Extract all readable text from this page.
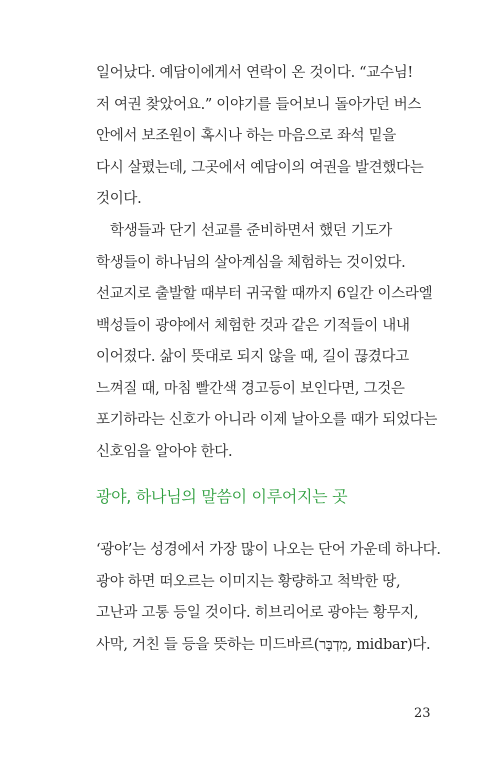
일어났다. 예담이에게서 연락이 온 것이다. “교수님!
저 여권 찾았어요.” 이야기를 들어보니 돌아가던 버스
안에서 보조원이 혹시나 하는 마음으로 좌석 밑을
다시 살폈는데, 그곳에서 예담이의 여권을 발견했다는
것이다.
학생들과 단기 선교를 준비하면서 했던 기도가
학생들이 하나님의 살아계심을 체험하는 것이었다.
선교지로 출발할 때부터 귀국할 때까지 6일간 이스라엘
백성들이 광야에서 체험한 것과 같은 기적들이 내내
이어졌다. 삶이 뜻대로 되지 않을 때, 길이 끊겼다고
느껴질 때, 마침 빨간색 경고등이 보인다면, 그것은
포기하라는 신호가 아니라 이제 날아오를 때가 되었다는
신호임을 알아야 한다.
광야, 하나님의 말씀이 이루어지는 곳
‘광야’는 성경에서 가장 많이 나오는 단어 가운데 하나다.
광야 하면 떠오르는 이미지는 황량하고 척박한 땅,
고난과 고통 등일 것이다. 히브리어로 광야는 황무지,
사막, 거친 들 등을 뜻하는 미드바르(מִדְבָּר, midbar)다.
23
